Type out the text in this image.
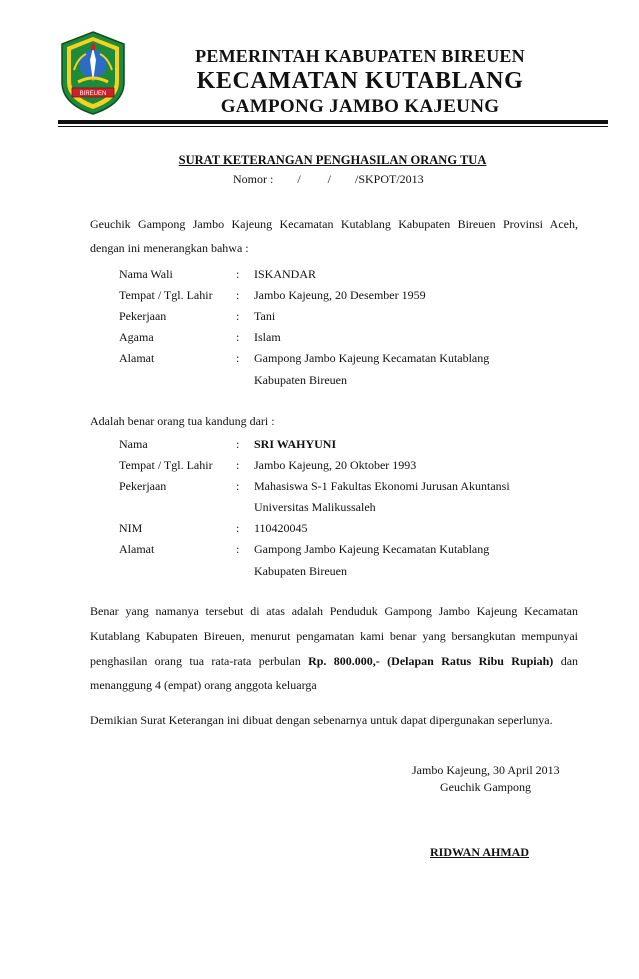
BIREUEN
PEMERINTAH KABUPATEN BIREUEN
KECAMATAN KUTABLANG
GAMPONG JAMBO KAJEUNG
SURAT KETERANGAN PENGHASILAN ORANG TUA
Nomor :        /         /        /SKPOT/2013
Geuchik Gampong Jambo Kajeung Kecamatan Kutablang Kabupaten Bireuen Provinsi Aceh,
dengan ini menerangkan bahwa :
Nama Wali	: ISKANDAR
Tempat / Tgl. Lahir : Jambo Kajeung, 20 Desember 1959
Pekerjaan	: Tani
Agama	: Islam
Alamat	: Gampong Jambo Kajeung Kecamatan Kutablang
Kabupaten Bireuen
Adalah benar orang tua kandung dari :
Nama	: SRI WAHYUNI
Tempat / Tgl. Lahir : Jambo Kajeung, 20 Oktober 1993
Pekerjaan	: Mahasiswa S-1 Fakultas Ekonomi Jurusan Akuntansi
Universitas Malikussaleh
NIM	: 110420045
Alamat	: Gampong Jambo Kajeung Kecamatan Kutablang
Kabupaten Bireuen
Benar yang namanya tersebut di atas adalah Penduduk Gampong Jambo Kajeung Kecamatan
Kutablang Kabupaten Bireuen, menurut pengamatan kami benar yang bersangkutan mempunyai
penghasilan orang tua rata-rata perbulan Rp. 800.000,- (Delapan Ratus Ribu Rupiah) dan
menanggung 4 (empat) orang anggota keluarga
Demikian Surat Keterangan ini dibuat dengan sebenarnya untuk dapat dipergunakan seperlunya.
Jambo Kajeung, 30 April 2013
Geuchik Gampong
RIDWAN AHMAD
